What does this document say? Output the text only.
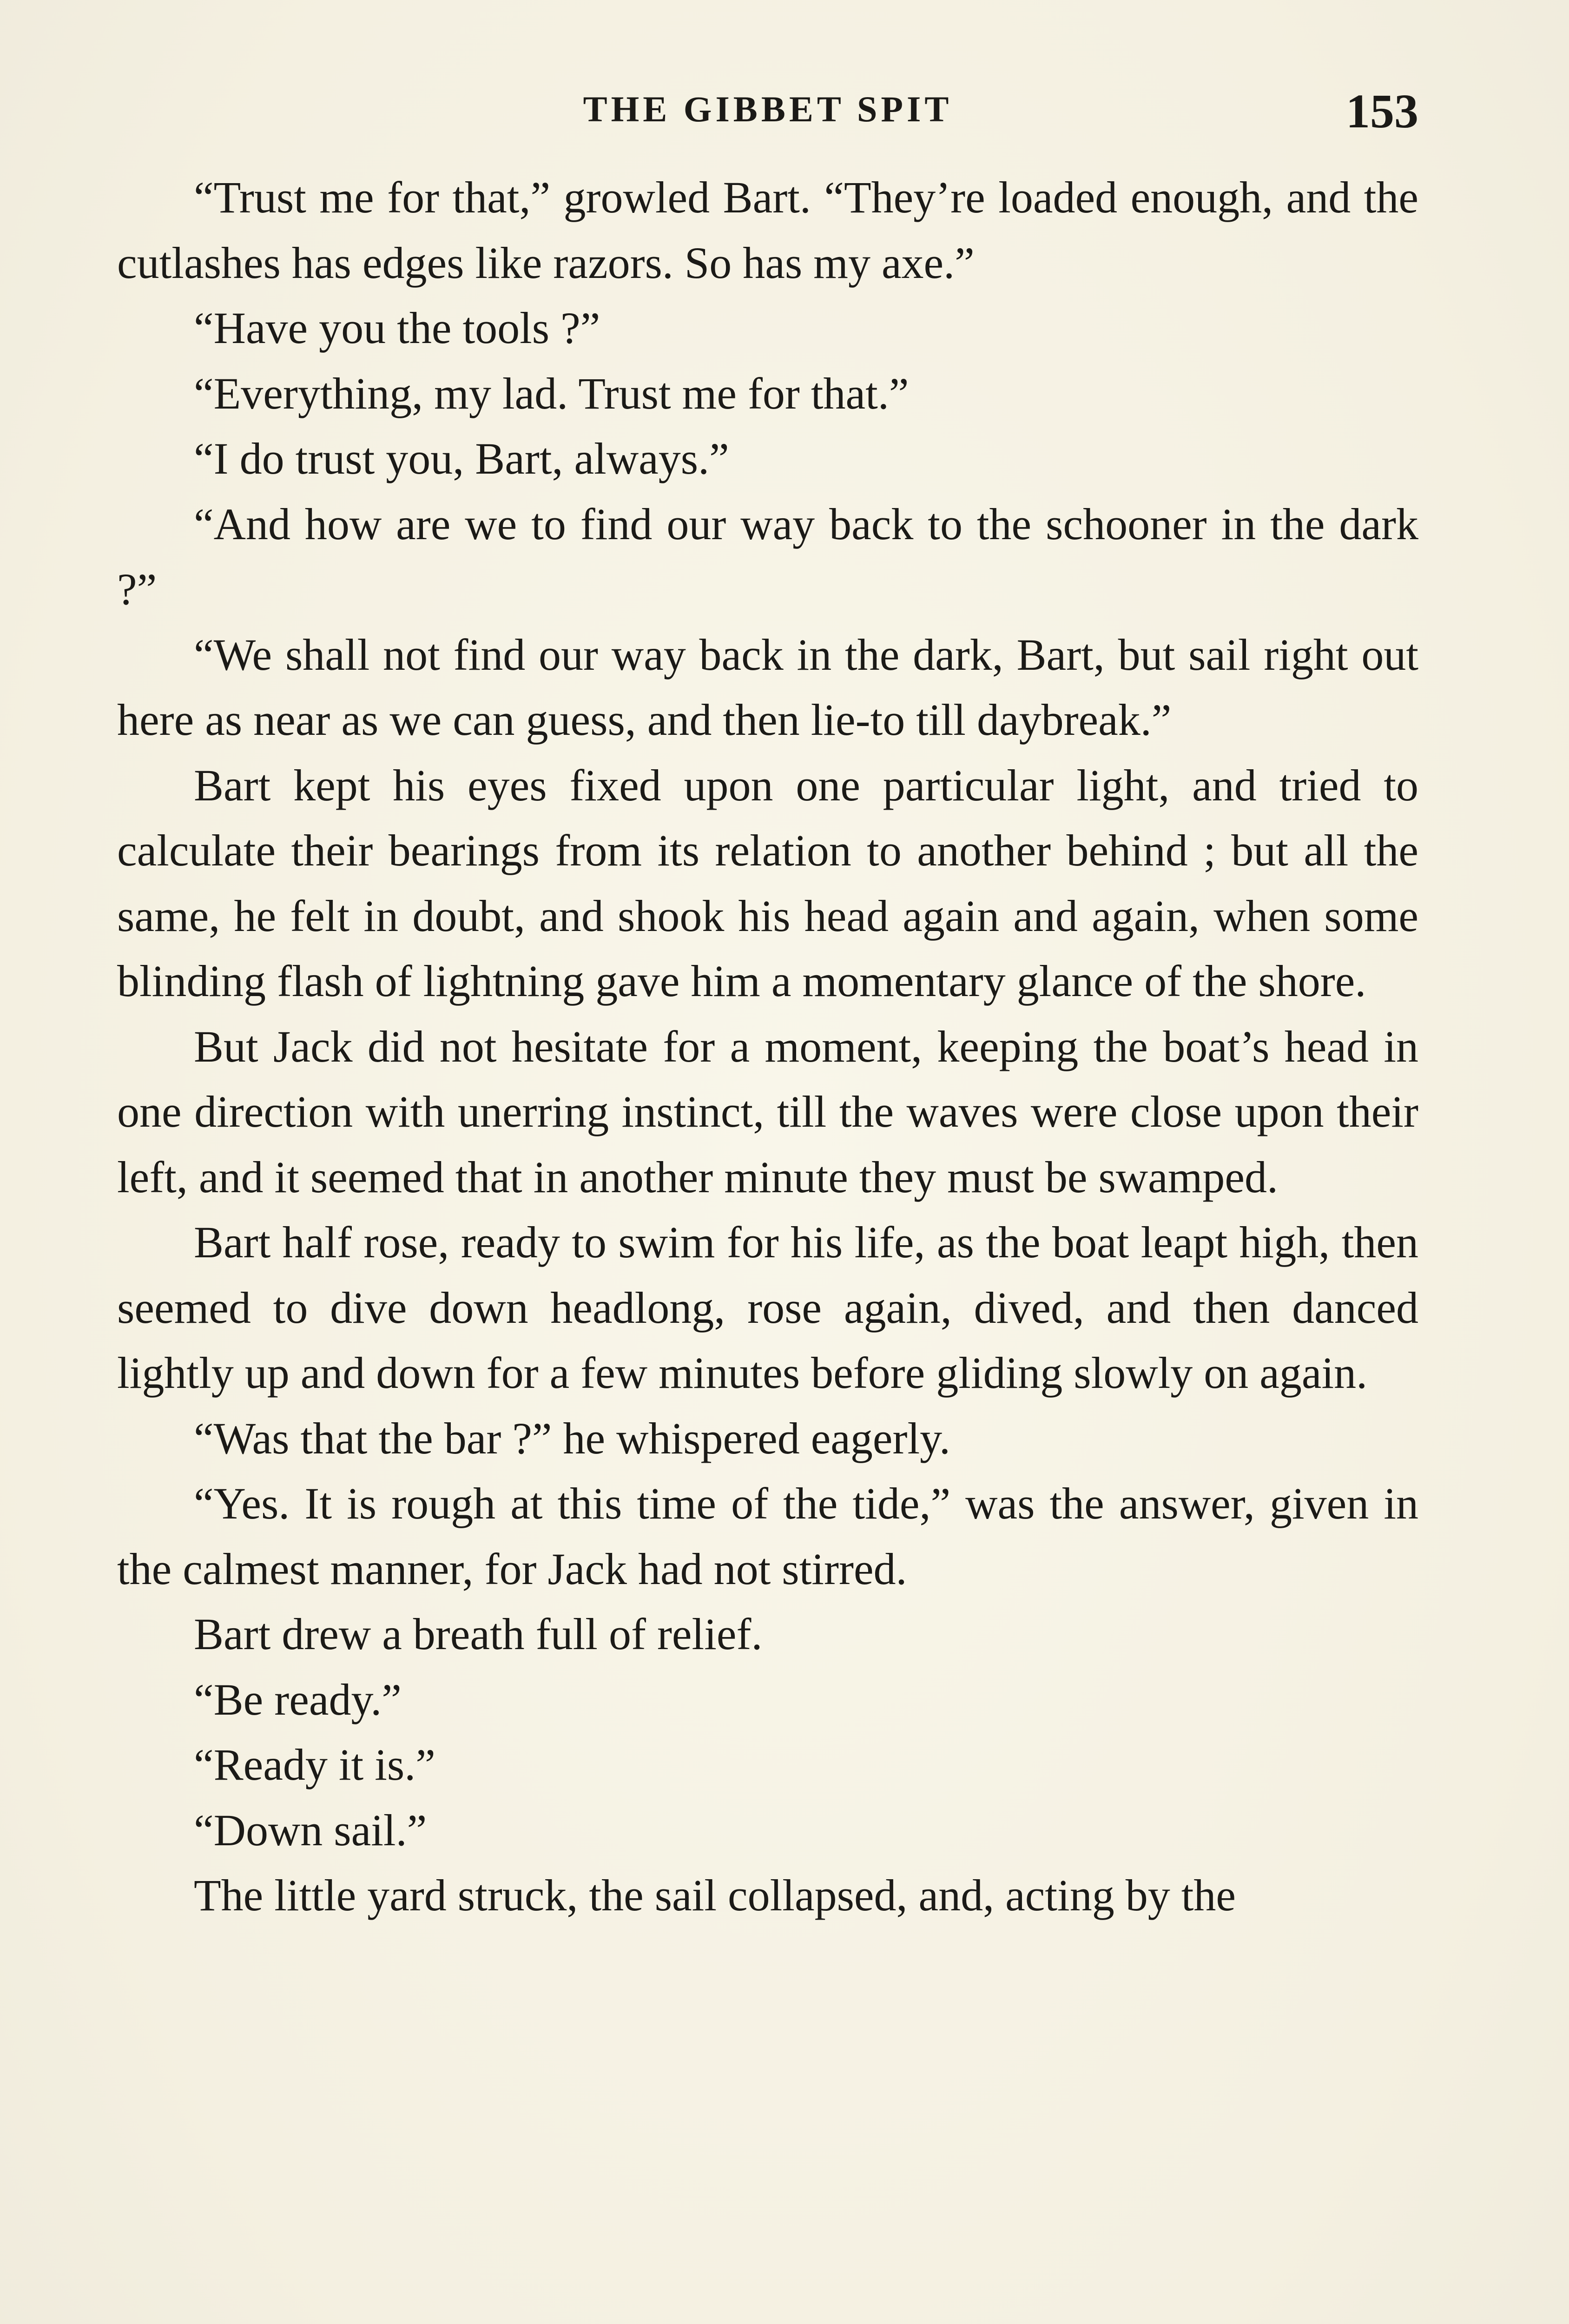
THE GIBBET SPIT	153

“Trust me for that,” growled Bart. “They’re loaded enough, and the cutlashes has edges like razors. So has my axe.”

“Have you the tools ?”

“Everything, my lad. Trust me for that.”

“I do trust you, Bart, always.”

“And how are we to find our way back to the schooner in the dark ?”

“We shall not find our way back in the dark, Bart, but sail right out here as near as we can guess, and then lie-to till daybreak.”

Bart kept his eyes fixed upon one particular light, and tried to calculate their bearings from its relation to another behind ; but all the same, he felt in doubt, and shook his head again and again, when some blinding flash of lightning gave him a momentary glance of the shore.

But Jack did not hesitate for a moment, keeping the boat’s head in one direction with unerring instinct, till the waves were close upon their left, and it seemed that in another minute they must be swamped.

Bart half rose, ready to swim for his life, as the boat leapt high, then seemed to dive down headlong, rose again, dived, and then danced lightly up and down for a few minutes before gliding slowly on again.

“Was that the bar ?” he whispered eagerly.

“Yes. It is rough at this time of the tide,” was the answer, given in the calmest manner, for Jack had not stirred.

Bart drew a breath full of relief.

“Be ready.”

“Ready it is.”

“Down sail.”

The little yard struck, the sail collapsed, and, acting by the
